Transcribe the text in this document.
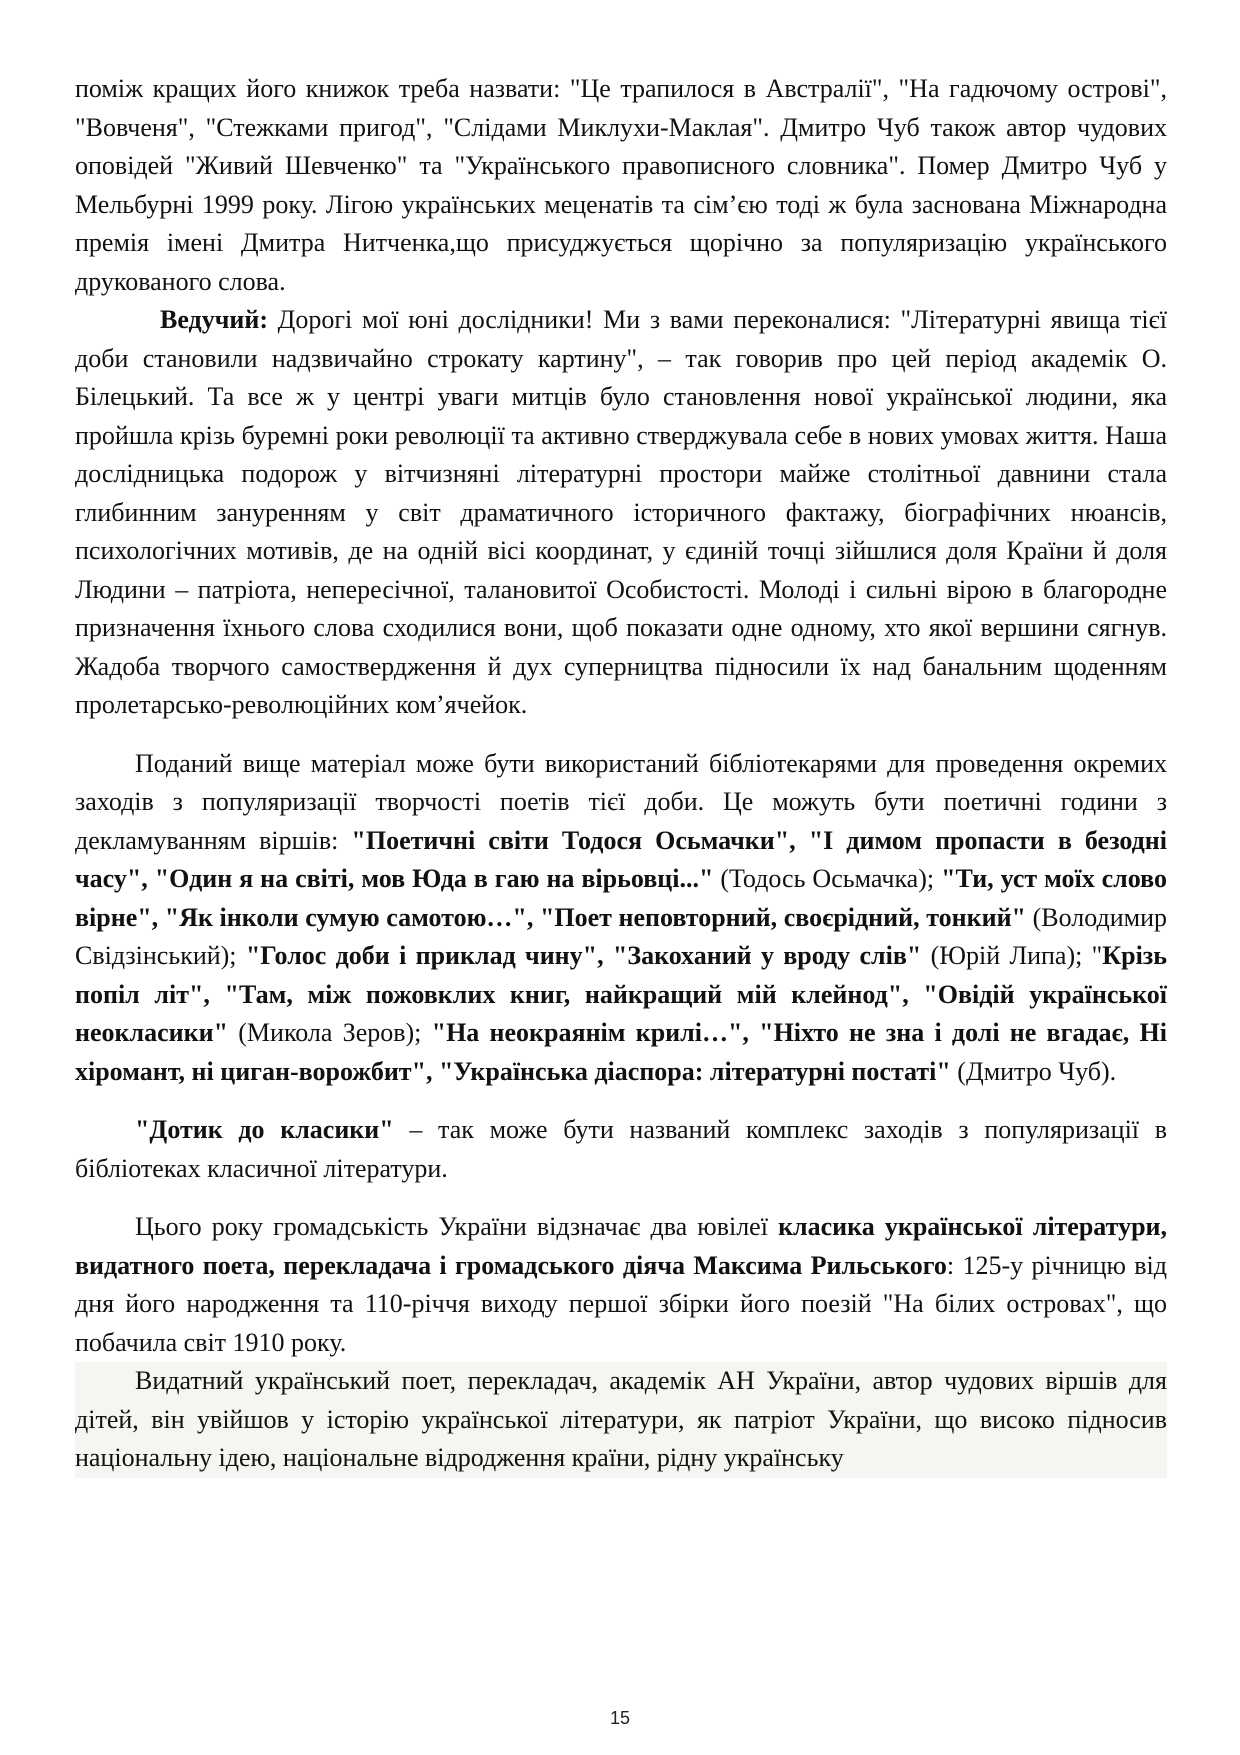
поміж кращих його книжок треба назвати: "Це трапилося в Австралії", "На гадючому острові", "Вовченя", "Стежками пригод", "Слідами Миклухи-Маклая". Дмитро Чуб також автор чудових оповідей "Живий Шевченко" та "Українського правописного словника". Помер Дмитро Чуб у Мельбурні 1999 року. Лігою українських меценатів та сім’єю тоді ж була заснована Міжнародна премія імені Дмитра Нитченка,що присуджується щорічно за популяризацію українського друкованого слова.

Ведучий: Дорогі мої юні дослідники! Ми з вами переконалися: "Літературні явища тієї доби становили надзвичайно строкату картину", – так говорив про цей період академік О. Білецький. Та все ж у центрі уваги митців було становлення нової української людини, яка пройшла крізь буремні роки революції та активно стверджувала себе в нових умовах життя. Наша дослідницька подорож у вітчизняні літературні простори майже столітньої давнини стала глибинним зануренням у світ драматичного історичного фактажу, біографічних нюансів, психологічних мотивів, де на одній вісі координат, у єдиній точці зійшлися доля Країни й доля Людини – патріота, непересічної, талановитої Особистості. Молоді і сильні вірою в благородне призначення їхнього слова сходилися вони, щоб показати одне одному, хто якої вершини сягнув. Жадоба творчого самоствердження й дух суперництва підносили їх над банальним щоденням пролетарсько-революційних ком’ячейок.

Поданий вище матеріал може бути використаний бібліотекарями для проведення окремих заходів з популяризації творчості поетів тієї доби. Це можуть бути поетичні години з декламуванням віршів: "Поетичні світи Тодося Осьмачки", "І димом пропасти в безодні часу", "Один я на світі, мов Юда в гаю на вірьовці..." (Тодось Осьмачка); "Ти, уст моїх слово вірне", "Як інколи сумую самотою…", "Поет неповторний, своєрідний, тонкий" (Володимир Свідзінський); "Голос доби і приклад чину", "Закоханий у вроду слів" (Юрій Липа); "Крізь попіл літ", "Там, між пожовклих книг, найкращий мій клейнод", "Овідій української неокласики" (Микола Зеров); "На неокраянім крилі…", "Ніхто не зна і долі не вгадає, Ні хіромант, ні циган-ворожбит", "Українська діаспора: літературні постаті" (Дмитро Чуб).

"Дотик до класики" – так може бути названий комплекс заходів з популяризації в бібліотеках класичної літератури.

Цього року громадськість України відзначає два ювілеї класика української літератури, видатного поета, перекладача і громадського діяча Максима Рильського: 125-у річницю від дня його народження та 110-річчя виходу першої збірки його поезій "На білих островах", що побачила світ 1910 року.

Видатний український поет, перекладач, академік АН України, автор чудових віршів для дітей, він увійшов у історію української літератури, як патріот України, що високо підносив національну ідею, національне відродження країни, рідну українську

15
